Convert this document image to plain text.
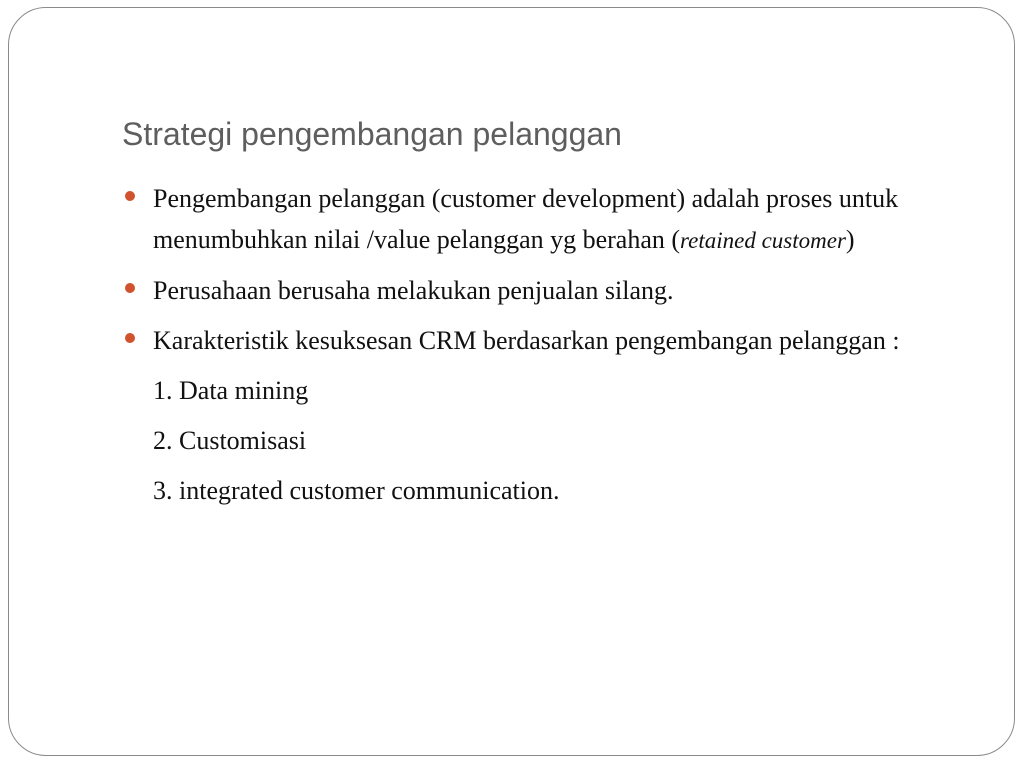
Strategi pengembangan pelanggan
Pengembangan pelanggan (customer development) adalah proses untuk menumbuhkan nilai /value pelanggan yg berahan (retained customer)
Perusahaan berusaha melakukan penjualan silang.
Karakteristik kesuksesan CRM berdasarkan pengembangan pelanggan :
1. Data mining
2. Customisasi
3. integrated customer communication.
